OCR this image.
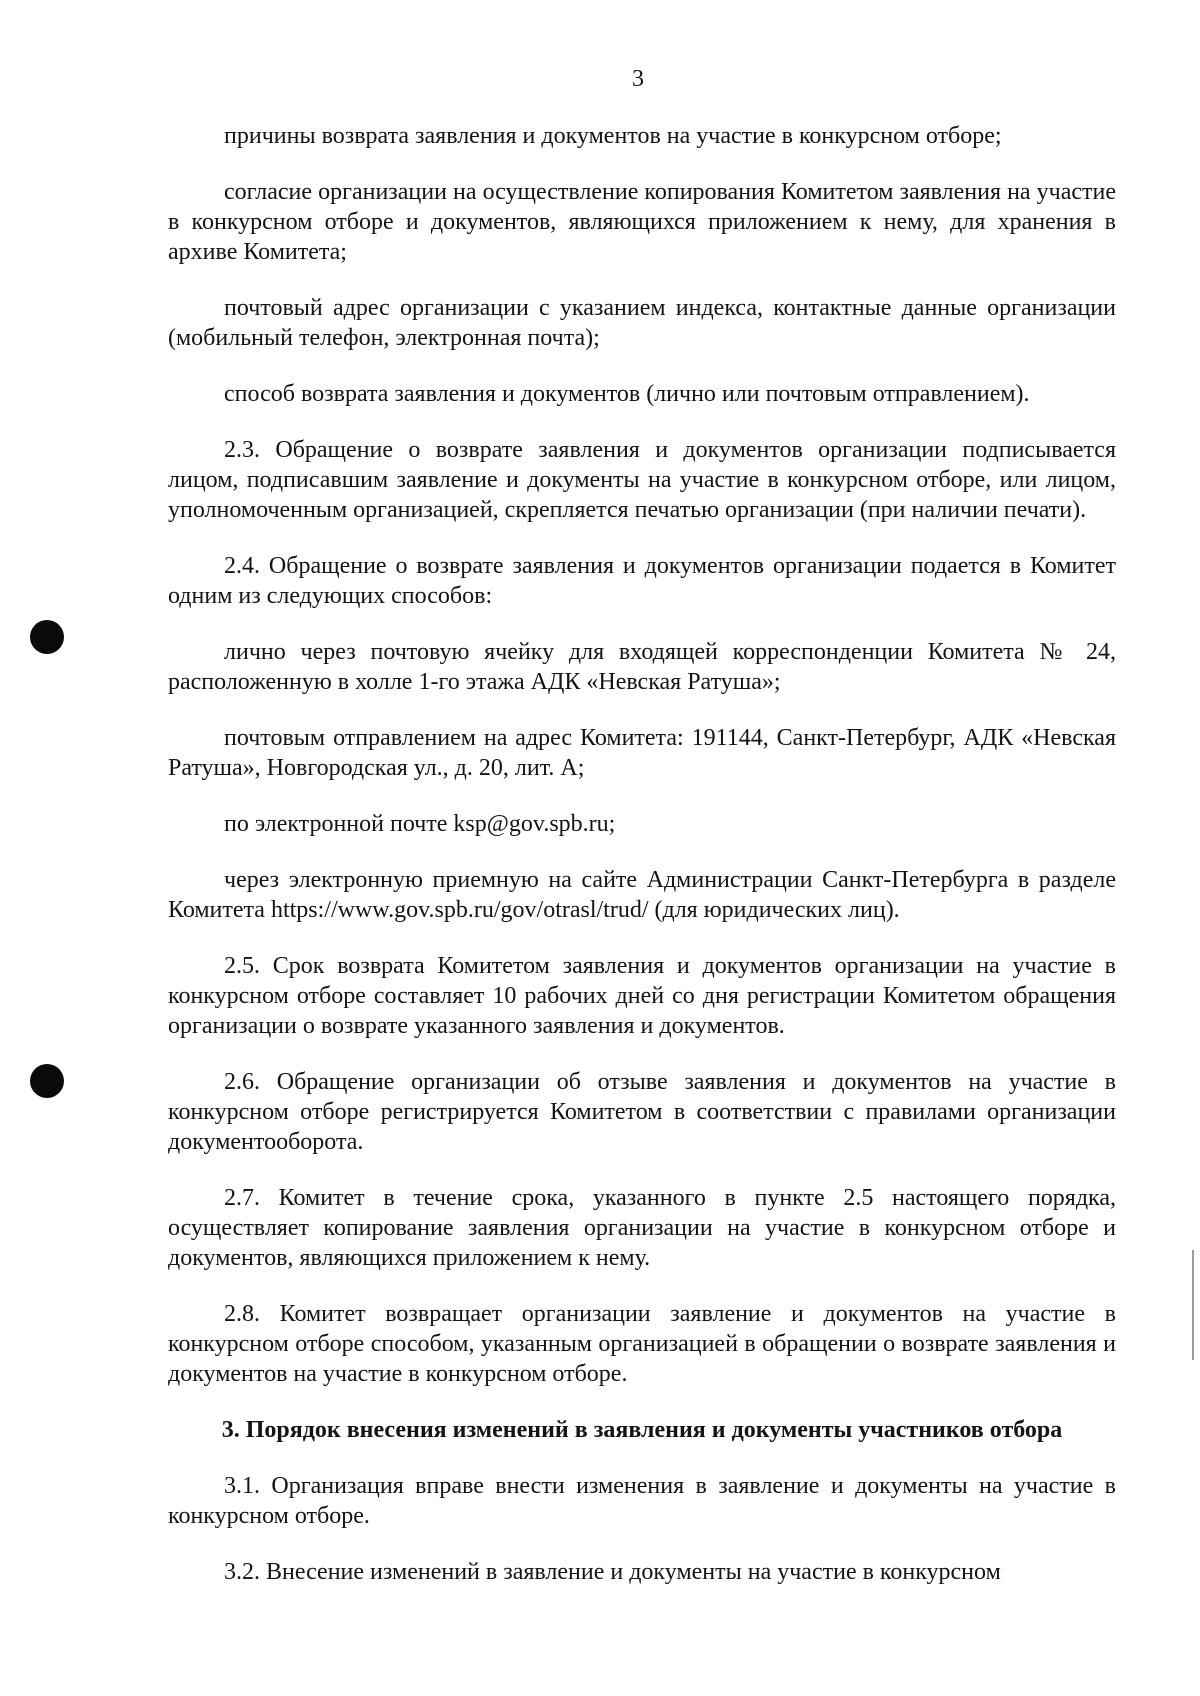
3

причины возврата заявления и документов на участие в конкурсном отборе;

согласие организации на осуществление копирования Комитетом заявления на участие в конкурсном отборе и документов, являющихся приложением к нему, для хранения в архиве Комитета;

почтовый адрес организации с указанием индекса, контактные данные организации (мобильный телефон, электронная почта);

способ возврата заявления и документов (лично или почтовым отправлением).

2.3. Обращение о возврате заявления и документов организации подписывается лицом, подписавшим заявление и документы на участие в конкурсном отборе, или лицом, уполномоченным организацией, скрепляется печатью организации (при наличии печати).

2.4. Обращение о возврате заявления и документов организации подается в Комитет одним из следующих способов:

лично через почтовую ячейку для входящей корреспонденции Комитета № 24, расположенную в холле 1-го этажа АДК «Невская Ратуша»;

почтовым отправлением на адрес Комитета: 191144, Санкт-Петербург, АДК «Невская Ратуша», Новгородская ул., д. 20, лит. А;

по электронной почте ksp@gov.spb.ru;

через электронную приемную на сайте Администрации Санкт-Петербурга в разделе Комитета https://www.gov.spb.ru/gov/otrasl/trud/ (для юридических лиц).

2.5. Срок возврата Комитетом заявления и документов организации на участие в конкурсном отборе составляет 10 рабочих дней со дня регистрации Комитетом обращения организации о возврате указанного заявления и документов.

2.6. Обращение организации об отзыве заявления и документов на участие в конкурсном отборе регистрируется Комитетом в соответствии с правилами организации документооборота.

2.7. Комитет в течение срока, указанного в пункте 2.5 настоящего порядка, осуществляет копирование заявления организации на участие в конкурсном отборе и документов, являющихся приложением к нему.

2.8. Комитет возвращает организации заявление и документов на участие в конкурсном отборе способом, указанным организацией в обращении о возврате заявления и документов на участие в конкурсном отборе.

3. Порядок внесения изменений в заявления и документы участников отбора

3.1. Организация вправе внести изменения в заявление и документы на участие в конкурсном отборе.

3.2. Внесение изменений в заявление и документы на участие в конкурсном
